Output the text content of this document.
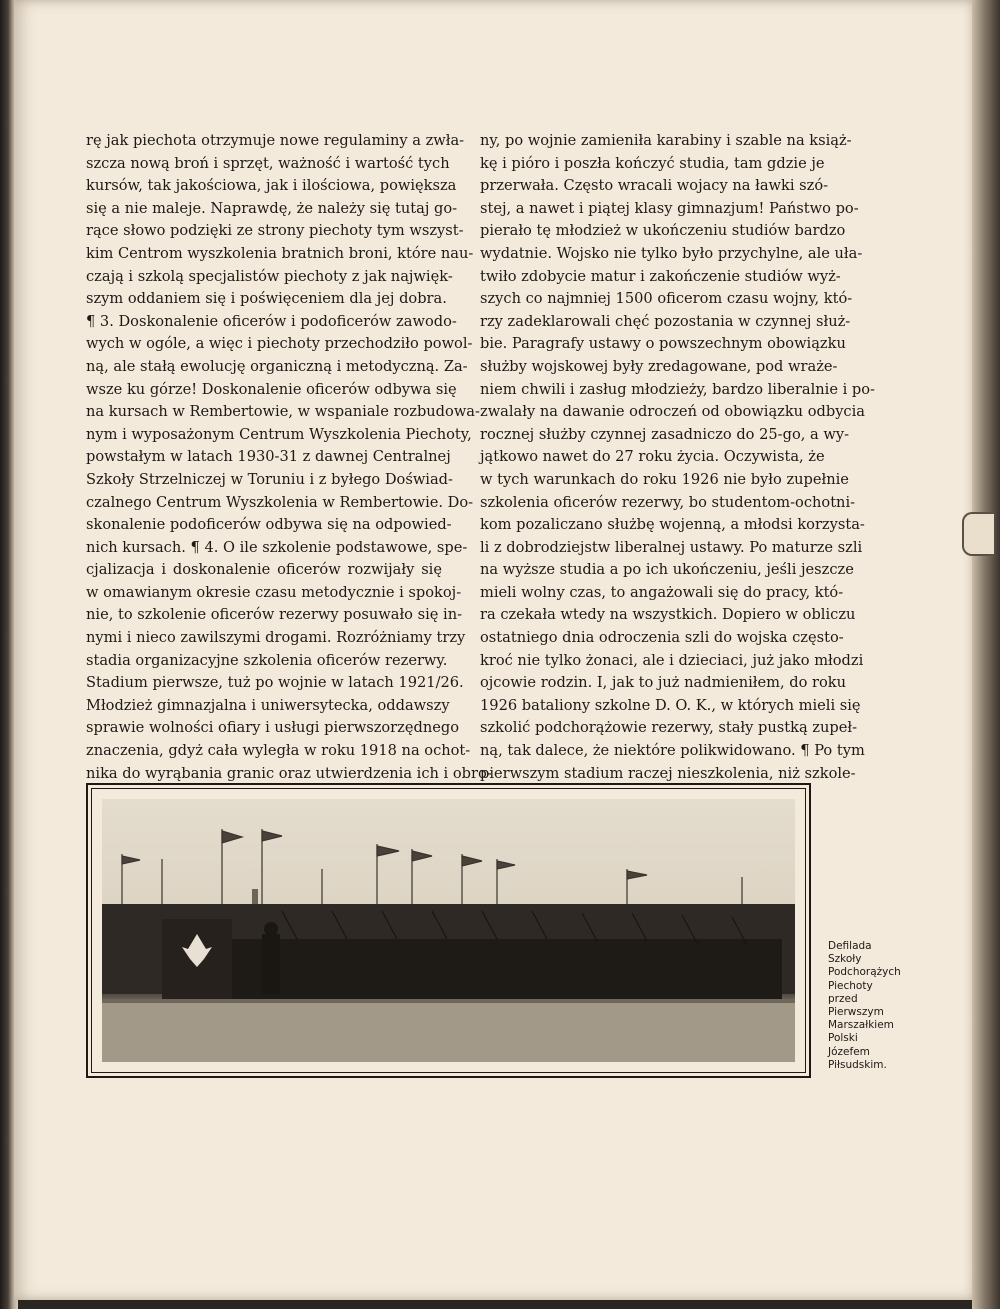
rę jak piechota otrzymuje nowe regulaminy a zwła-

szcza nową broń i sprzęt, ważność i wartość tych

kursów, tak jakościowa, jak i ilościowa, powiększa

się a nie maleje. Naprawdę, że należy się tutaj go-

rące słowo podzięki ze strony piechoty tym wszyst-

kim Centrom wyszkolenia bratnich broni, które nau-

czają i szkolą specjalistów piechoty z jak najwięk-

szym oddaniem się i poświęceniem dla jej dobra.

¶ 3. Doskonalenie oficerów i podoficerów zawodo-

wych w ogóle, a więc i piechoty przechodziło powol-

ną, ale stałą ewolucję organiczną i metodyczną. Za-

wsze ku górze! Doskonalenie oficerów odbywa się

na kursach w Rembertowie, w wspaniale rozbudowa-

nym i wyposażonym Centrum Wyszkolenia Piechoty,

powstałym w latach 1930-31 z dawnej Centralnej

Szkoły Strzelniczej w Toruniu i z byłego Doświad-

czalnego Centrum Wyszkolenia w Rembertowie. Do-

skonalenie podoficerów odbywa się na odpowied-

nich kursach. ¶ 4. O ile szkolenie podstawowe, spe-

cjalizacja i doskonalenie oficerów rozwijały się

w omawianym okresie czasu metodycznie i spokoj-

nie, to szkolenie oficerów rezerwy posuwało się in-

nymi i nieco zawilszymi drogami. Rozróżniamy trzy

stadia organizacyjne szkolenia oficerów rezerwy.

Stadium pierwsze, tuż po wojnie w latach 1921/26.

Młodzież gimnazjalna i uniwersytecka, oddawszy

sprawie wolności ofiary i usługi pierwszorzędnego

znaczenia, gdyż cała wyległa w roku 1918 na ochot-

nika do wyrąbania granic oraz utwierdzenia ich i obro-

ny, po wojnie zamieniła karabiny i szable na książ-

kę i pióro i poszła kończyć studia, tam gdzie je

przerwała. Często wracali wojacy na ławki szó-

stej, a nawet i piątej klasy gimnazjum! Państwo po-

pierało tę młodzież w ukończeniu studiów bardzo

wydatnie. Wojsko nie tylko było przychylne, ale uła-

twiło zdobycie matur i zakończenie studiów wyż-

szych co najmniej 1500 oficerom czasu wojny, któ-

rzy zadeklarowali chęć pozostania w czynnej służ-

bie. Paragrafy ustawy o powszechnym obowiązku

służby wojskowej były zredagowane, pod wraże-

niem chwili i zasług młodzieży, bardzo liberalnie i po-

zwalały na dawanie odroczeń od obowiązku odbycia

rocznej służby czynnej zasadniczo do 25-go, a wy-

jątkowo nawet do 27 roku życia. Oczywista, że

w tych warunkach do roku 1926 nie było zupełnie

szkolenia oficerów rezerwy, bo studentom-ochotni-

kom pozaliczano służbę wojenną, a młodsi korzysta-

li z dobrodziejstw liberalnej ustawy. Po maturze szli

na wyższe studia a po ich ukończeniu, jeśli jeszcze

mieli wolny czas, to angażowali się do pracy, któ-

ra czekała wtedy na wszystkich. Dopiero w obliczu

ostatniego dnia odroczenia szli do wojska często-

kroć nie tylko żonaci, ale i dzieciaci, już jako młodzi

ojcowie rodzin. I, jak to już nadmieniłem, do roku

1926 bataliony szkolne D. O. K., w których mieli się

szkolić podchorążowie rezerwy, stały pustką zupeł-

ną, tak dalece, że niektóre polikwidowano. ¶ Po tym

pierwszym stadium raczej nieszkolenia, niż szkole-

Defilada
Szkoły
Podchorążych
Piechoty
przed
Pierwszym
Marszałkiem
Polski
Józefem
Piłsudskim.
